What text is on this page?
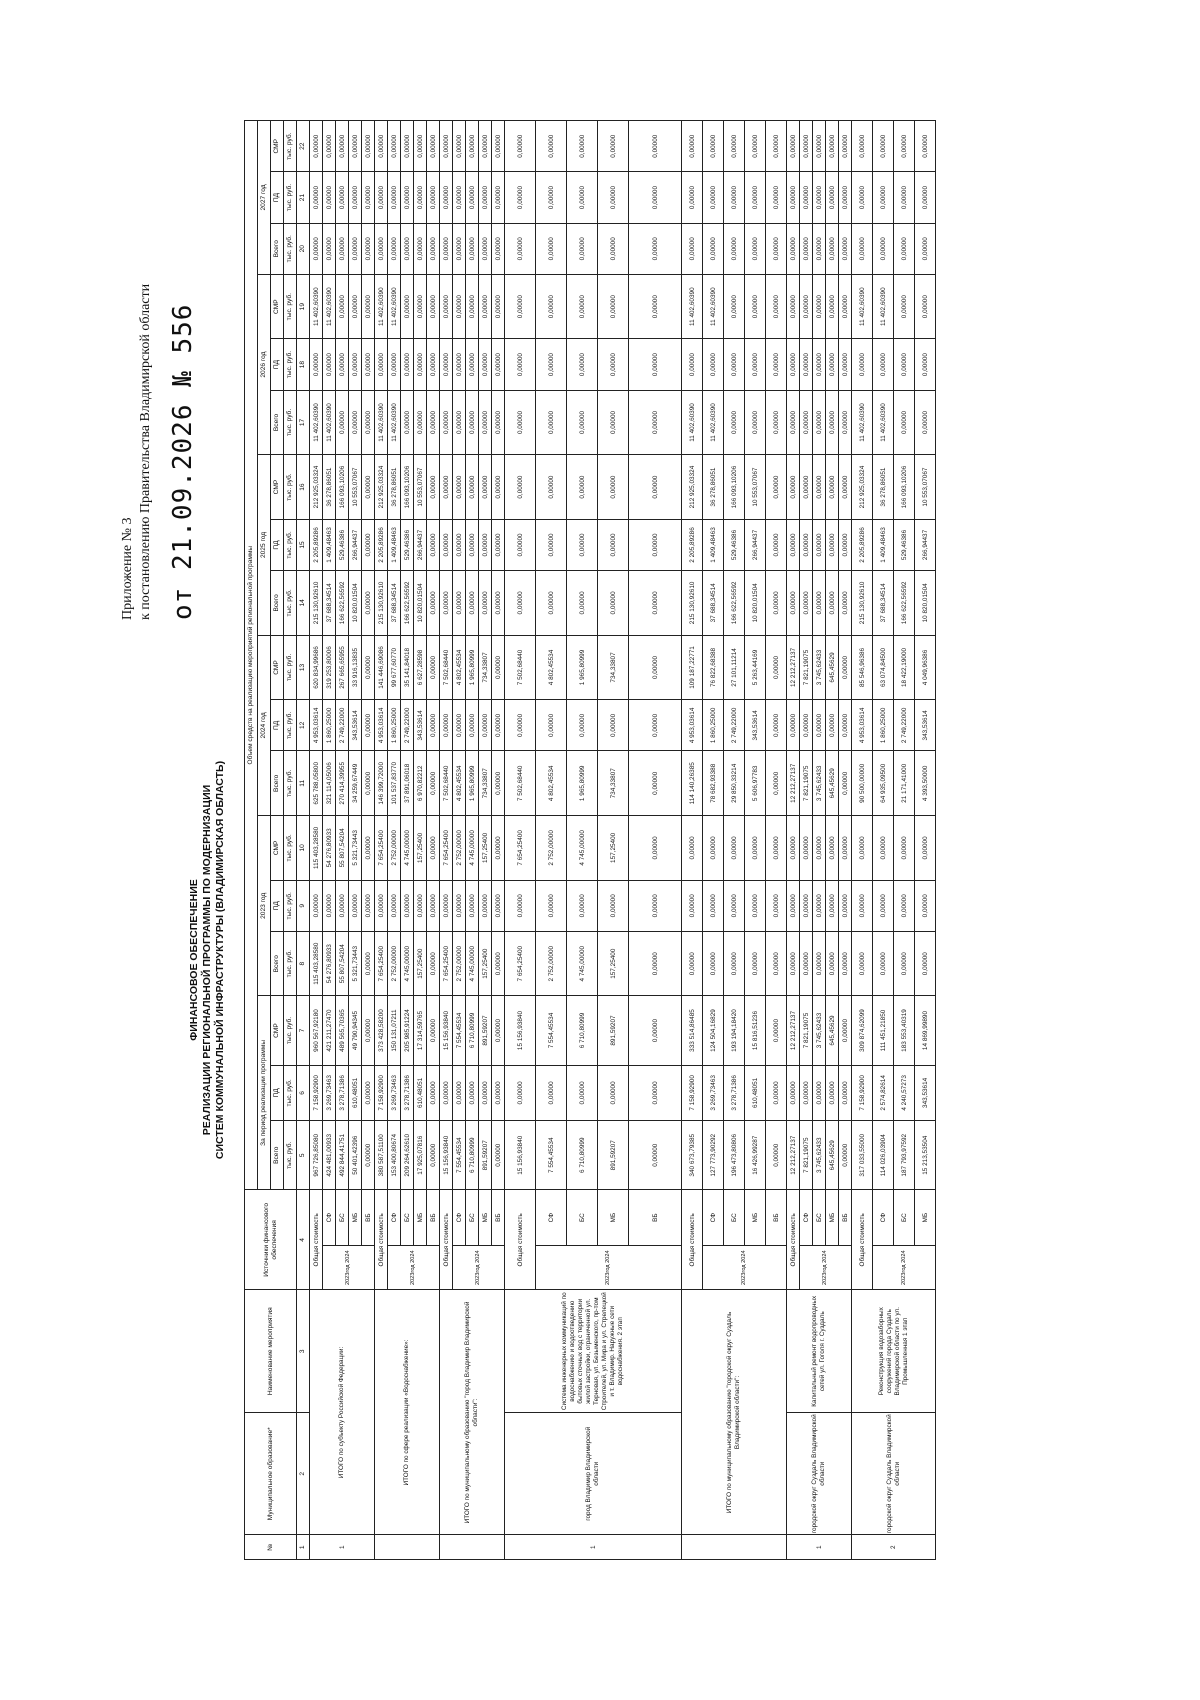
Приложение № 3 к постановлению Правительства Владимирской области от 21.09.2026 № 556
ФИНАНСОВОЕ ОБЕСПЕЧЕНИЕ РЕАЛИЗАЦИИ РЕГИОНАЛЬНОЙ ПРОГРАММЫ ПО МОДЕРНИЗАЦИИ СИСТЕМ КОММУНАЛЬНОЙ ИНФРАСТРУКТУРЫ (ВЛАДИМИРСКАЯ ОБЛАСТЬ)
№	Муниципальное образование*	Наименование мероприятия	Источники финансового обеспечения		Объем средств на реализацию мероприятий региональной программы																	
					За период реализации программы			2023 год			2024 год			2025 год			2026 год			2027 год		
					Всего	ПД	СМР	Всего	ПД	СМР	Всего	ПД	СМР	Всего	ПД	СМР	Всего	ПД	СМР	Всего	ПД	СМР
					тыс. руб.	тыс. руб.	тыс. руб.	тыс. руб.	тыс. руб.	тыс. руб.	тыс. руб.	тыс. руб.	тыс. руб.	тыс. руб.	тыс. руб.	тыс. руб.	тыс. руб.	тыс. руб.	тыс. руб.	тыс. руб.	тыс. руб.	тыс. руб.
1	2	3	4		5	6	7	8	9	10	11	12	13	14	15	16	17	18	19	20	21	22
1	ИТОГО по субъекту Российской Федерации:		Общая стоимость		967 726,85080	7 158,92900	960 567,92180	115 403,28580	0,00000	115 403,28580	625 788,05800	4 953,03614	620 834,99686	215 130,92610	2 205,89286	212 925,03324	11 402,60390	0,00000	11 402,60390	0,00000	0,00000	0,00000
			2023год 2024	СФ	424 481,00933	3 269,73463	421 211,27470	54 276,80933	0,00000	54 276,80933	321 114,05006	1 860,25000	319 253,80006	37 688,34514	1 409,48463	36 278,86051	11 402,60390	0,00000	11 402,60390	0,00000	0,00000	0,00000
				БС	492 844,41751	3 278,71386	489 565,70365	55 807,54204	0,00000	55 807,54204	270 414,39955	2 749,22000	267 665,65955	166 622,56592	529,46386	166 093,10206	0,00000	0,00000	0,00000	0,00000	0,00000	0,00000
				МБ	50 401,42396	610,48051	49 790,94345	5 321,73443	0,00000	5 321,73443	34 259,67449	343,53614	33 916,13835	10 820,01504	266,94437	10 553,07067	0,00000	0,00000	0,00000	0,00000	0,00000	0,00000
				ВБ	0,00000	0,00000	0,00000	0,00000	0,00000	0,00000	0,00000	0,00000	0,00000	0,00000	0,00000	0,00000	0,00000	0,00000	0,00000	0,00000	0,00000	0,00000
	ИТОГО по сфере реализации «Водоснабжение»:		Общая стоимость		380 587,51100	7 158,92900	373 428,58200	7 654,25400	0,00000	7 654,25400	146 399,72000	4 953,03614	141 446,69086	215 130,92610	2 205,89286	212 925,03324	11 402,60390	0,00000	11 402,60390	0,00000	0,00000	0,00000
			2023год 2024	СФ	153 400,80674	3 269,73463	150 131,07211	2 752,00000	0,00000	2 752,00000	101 537,83770	1 860,25000	99 677,60770	37 688,34514	1 409,48463	36 278,86051	11 402,60390	0,00000	11 402,60390	0,00000	0,00000	0,00000
				БС	209 264,62610	3 278,71386	205 985,91224	4 745,00000	0,00000	4 745,00000	37 891,06018	2 749,22000	35 141,84018	166 622,56592	529,46386	166 093,10206	0,00000	0,00000	0,00000	0,00000	0,00000	0,00000
				МБ	17 925,07816	610,48051	17 314,59765	157,25400	0,00000	157,25400	6 970,82212	343,53614	6 627,28598	10 820,01504	266,94437	10 553,07067	0,00000	0,00000	0,00000	0,00000	0,00000	0,00000
				ВБ	0,00000	0,00000	0,00000	0,00000	0,00000	0,00000	0,00000	0,00000	0,00000	0,00000	0,00000	0,00000	0,00000	0,00000	0,00000	0,00000	0,00000	0,00000
	ИТОГО по муниципальному образованию "город Владимир Владимирской области":		Общая стоимость		15 156,93840	0,00000	15 156,93840	7 654,25400	0,00000	7 654,25400	7 502,68440	0,00000	7 502,68440	0,00000	0,00000	0,00000	0,00000	0,00000	0,00000	0,00000	0,00000	0,00000
			2023год 2024	СФ	7 554,45534	0,00000	7 554,45534	2 752,00000	0,00000	2 752,00000	4 802,45534	0,00000	4 802,45534	0,00000	0,00000	0,00000	0,00000	0,00000	0,00000	0,00000	0,00000	0,00000
				БС	6 710,80999	0,00000	6 710,80999	4 745,00000	0,00000	4 745,00000	1 965,80999	0,00000	1 965,80999	0,00000	0,00000	0,00000	0,00000	0,00000	0,00000	0,00000	0,00000	0,00000
				МБ	891,59207	0,00000	891,59207	157,25400	0,00000	157,25400	734,33807	0,00000	734,33807	0,00000	0,00000	0,00000	0,00000	0,00000	0,00000	0,00000	0,00000	0,00000
				ВБ	0,00000	0,00000	0,00000	0,00000	0,00000	0,00000	0,00000	0,00000	0,00000	0,00000	0,00000	0,00000	0,00000	0,00000	0,00000	0,00000	0,00000	0,00000
1	город Владимир Владимирской области	Система инженерных коммуникаций по водоснабжению и водоотведению бытовых сточных вод с территории жилой застройки, ограниченной ул. Терновая, ул. Безыменского, пр-том Строителей, ул. Мира и ул. Стрелецкой и т. Владимир. Наружные сети водоснабжения. 2 этап	Общая стоимость		15 156,93840	0,00000	15 156,93840	7 654,25400	0,00000	7 654,25400	7 502,68440	0,00000	7 502,68440	0,00000	0,00000	0,00000	0,00000	0,00000	0,00000	0,00000	0,00000	0,00000
			2023год 2024	СФ	7 554,45534	0,00000	7 554,45534	2 752,00000	0,00000	2 752,00000	4 802,45534	0,00000	4 802,45534	0,00000	0,00000	0,00000	0,00000	0,00000	0,00000	0,00000	0,00000	0,00000
				БС	6 710,80999	0,00000	6 710,80999	4 745,00000	0,00000	4 745,00000	1 965,80999	0,00000	1 965,80999	0,00000	0,00000	0,00000	0,00000	0,00000	0,00000	0,00000	0,00000	0,00000
				МБ	891,59207	0,00000	891,59207	157,25400	0,00000	157,25400	734,33807	0,00000	734,33807	0,00000	0,00000	0,00000	0,00000	0,00000	0,00000	0,00000	0,00000	0,00000
				ВБ	0,00000	0,00000	0,00000	0,00000	0,00000	0,00000	0,00000	0,00000	0,00000	0,00000	0,00000	0,00000	0,00000	0,00000	0,00000	0,00000	0,00000	0,00000
	ИТОГО по муниципальному образованию "городской округ Суздаль Владимирской области":		Общая стоимость		340 673,79385	7 158,92900	333 514,86485	0,00000	0,00000	0,00000	114 140,26385	4 953,03614	109 187,22771	215 130,92610	2 205,89286	212 925,03324	11 402,60390	0,00000	11 402,60390	0,00000	0,00000	0,00000
			2023год 2024	СФ	127 773,90292	3 269,73463	124 504,16829	0,00000	0,00000	0,00000	78 682,93388	1 860,25000	76 822,68388	37 688,34514	1 409,48463	36 278,86051	11 402,60390	0,00000	11 402,60390	0,00000	0,00000	0,00000
				БС	196 473,80806	3 278,71386	193 194,18420	0,00000	0,00000	0,00000	29 850,33214	2 749,22000	27 101,11214	166 622,56592	529,46386	166 093,10206	0,00000	0,00000	0,00000	0,00000	0,00000	0,00000
				МБ	16 426,99287	610,48051	15 816,51236	0,00000	0,00000	0,00000	5 606,97783	343,53614	5 263,44169	10 820,01504	266,94437	10 553,07067	0,00000	0,00000	0,00000	0,00000	0,00000	0,00000
				ВБ	0,00000	0,00000	0,00000	0,00000	0,00000	0,00000	0,00000	0,00000	0,00000	0,00000	0,00000	0,00000	0,00000	0,00000	0,00000	0,00000	0,00000	0,00000
1	городской округ Суздаль Владимирской области	Капитальный ремонт водопроводных сетей ул. Гоголя г. Суздаль	Общая стоимость		12 212,27137	0,00000	12 212,27137	0,00000	0,00000	0,00000	12 212,27137	0,00000	12 212,27137	0,00000	0,00000	0,00000	0,00000	0,00000	0,00000	0,00000	0,00000	0,00000
			2023год 2024	СФ	7 821,19075	0,00000	7 821,19075	0,00000	0,00000	0,00000	7 821,19075	0,00000	7 821,19075	0,00000	0,00000	0,00000	0,00000	0,00000	0,00000	0,00000	0,00000	0,00000
				БС	3 745,62433	0,00000	3 745,62433	0,00000	0,00000	0,00000	3 745,62433	0,00000	3 745,62433	0,00000	0,00000	0,00000	0,00000	0,00000	0,00000	0,00000	0,00000	0,00000
				МБ	645,45629	0,00000	645,45629	0,00000	0,00000	0,00000	645,45629	0,00000	645,45629	0,00000	0,00000	0,00000	0,00000	0,00000	0,00000	0,00000	0,00000	0,00000
				ВБ	0,00000	0,00000	0,00000	0,00000	0,00000	0,00000	0,00000	0,00000	0,00000	0,00000	0,00000	0,00000	0,00000	0,00000	0,00000	0,00000	0,00000	0,00000
2	городской округ Суздаль Владимирской области	Реконструкция водозаборных сооружений города Суздаль Владимирской области по ул. Промышленная 1 этап	Общая стоимость		317 033,55000	7 158,92900	309 874,62099	0,00000	0,00000	0,00000	90 500,00000	4 953,03614	85 546,96386	215 130,92610	2 205,89286	212 925,03324	11 402,60390	0,00000	11 402,60390	0,00000	0,00000	0,00000
			2023год 2024	СФ	114 026,03904	2 574,82614	111 451,21850	0,00000	0,00000	0,00000	64 935,09500	1 860,25000	63 074,84500	37 688,34514	1 409,48463	36 278,86051	11 402,60390	0,00000	11 402,60390	0,00000	0,00000	0,00000
				БС	187 793,97592	4 240,57273	183 553,40319	0,00000	0,00000	0,00000	21 171,41000	2 749,22000	18 422,19000	166 622,56592	529,46386	166 093,10206	0,00000	0,00000	0,00000	0,00000	0,00000	0,00000
				МБ	15 213,53504	343,53614	14 869,99890	0,00000	0,00000	0,00000	4 393,50000	343,53614	4 049,96386	10 820,01504	266,94437	10 553,07067	0,00000	0,00000	0,00000	0,00000	0,00000	0,00000
